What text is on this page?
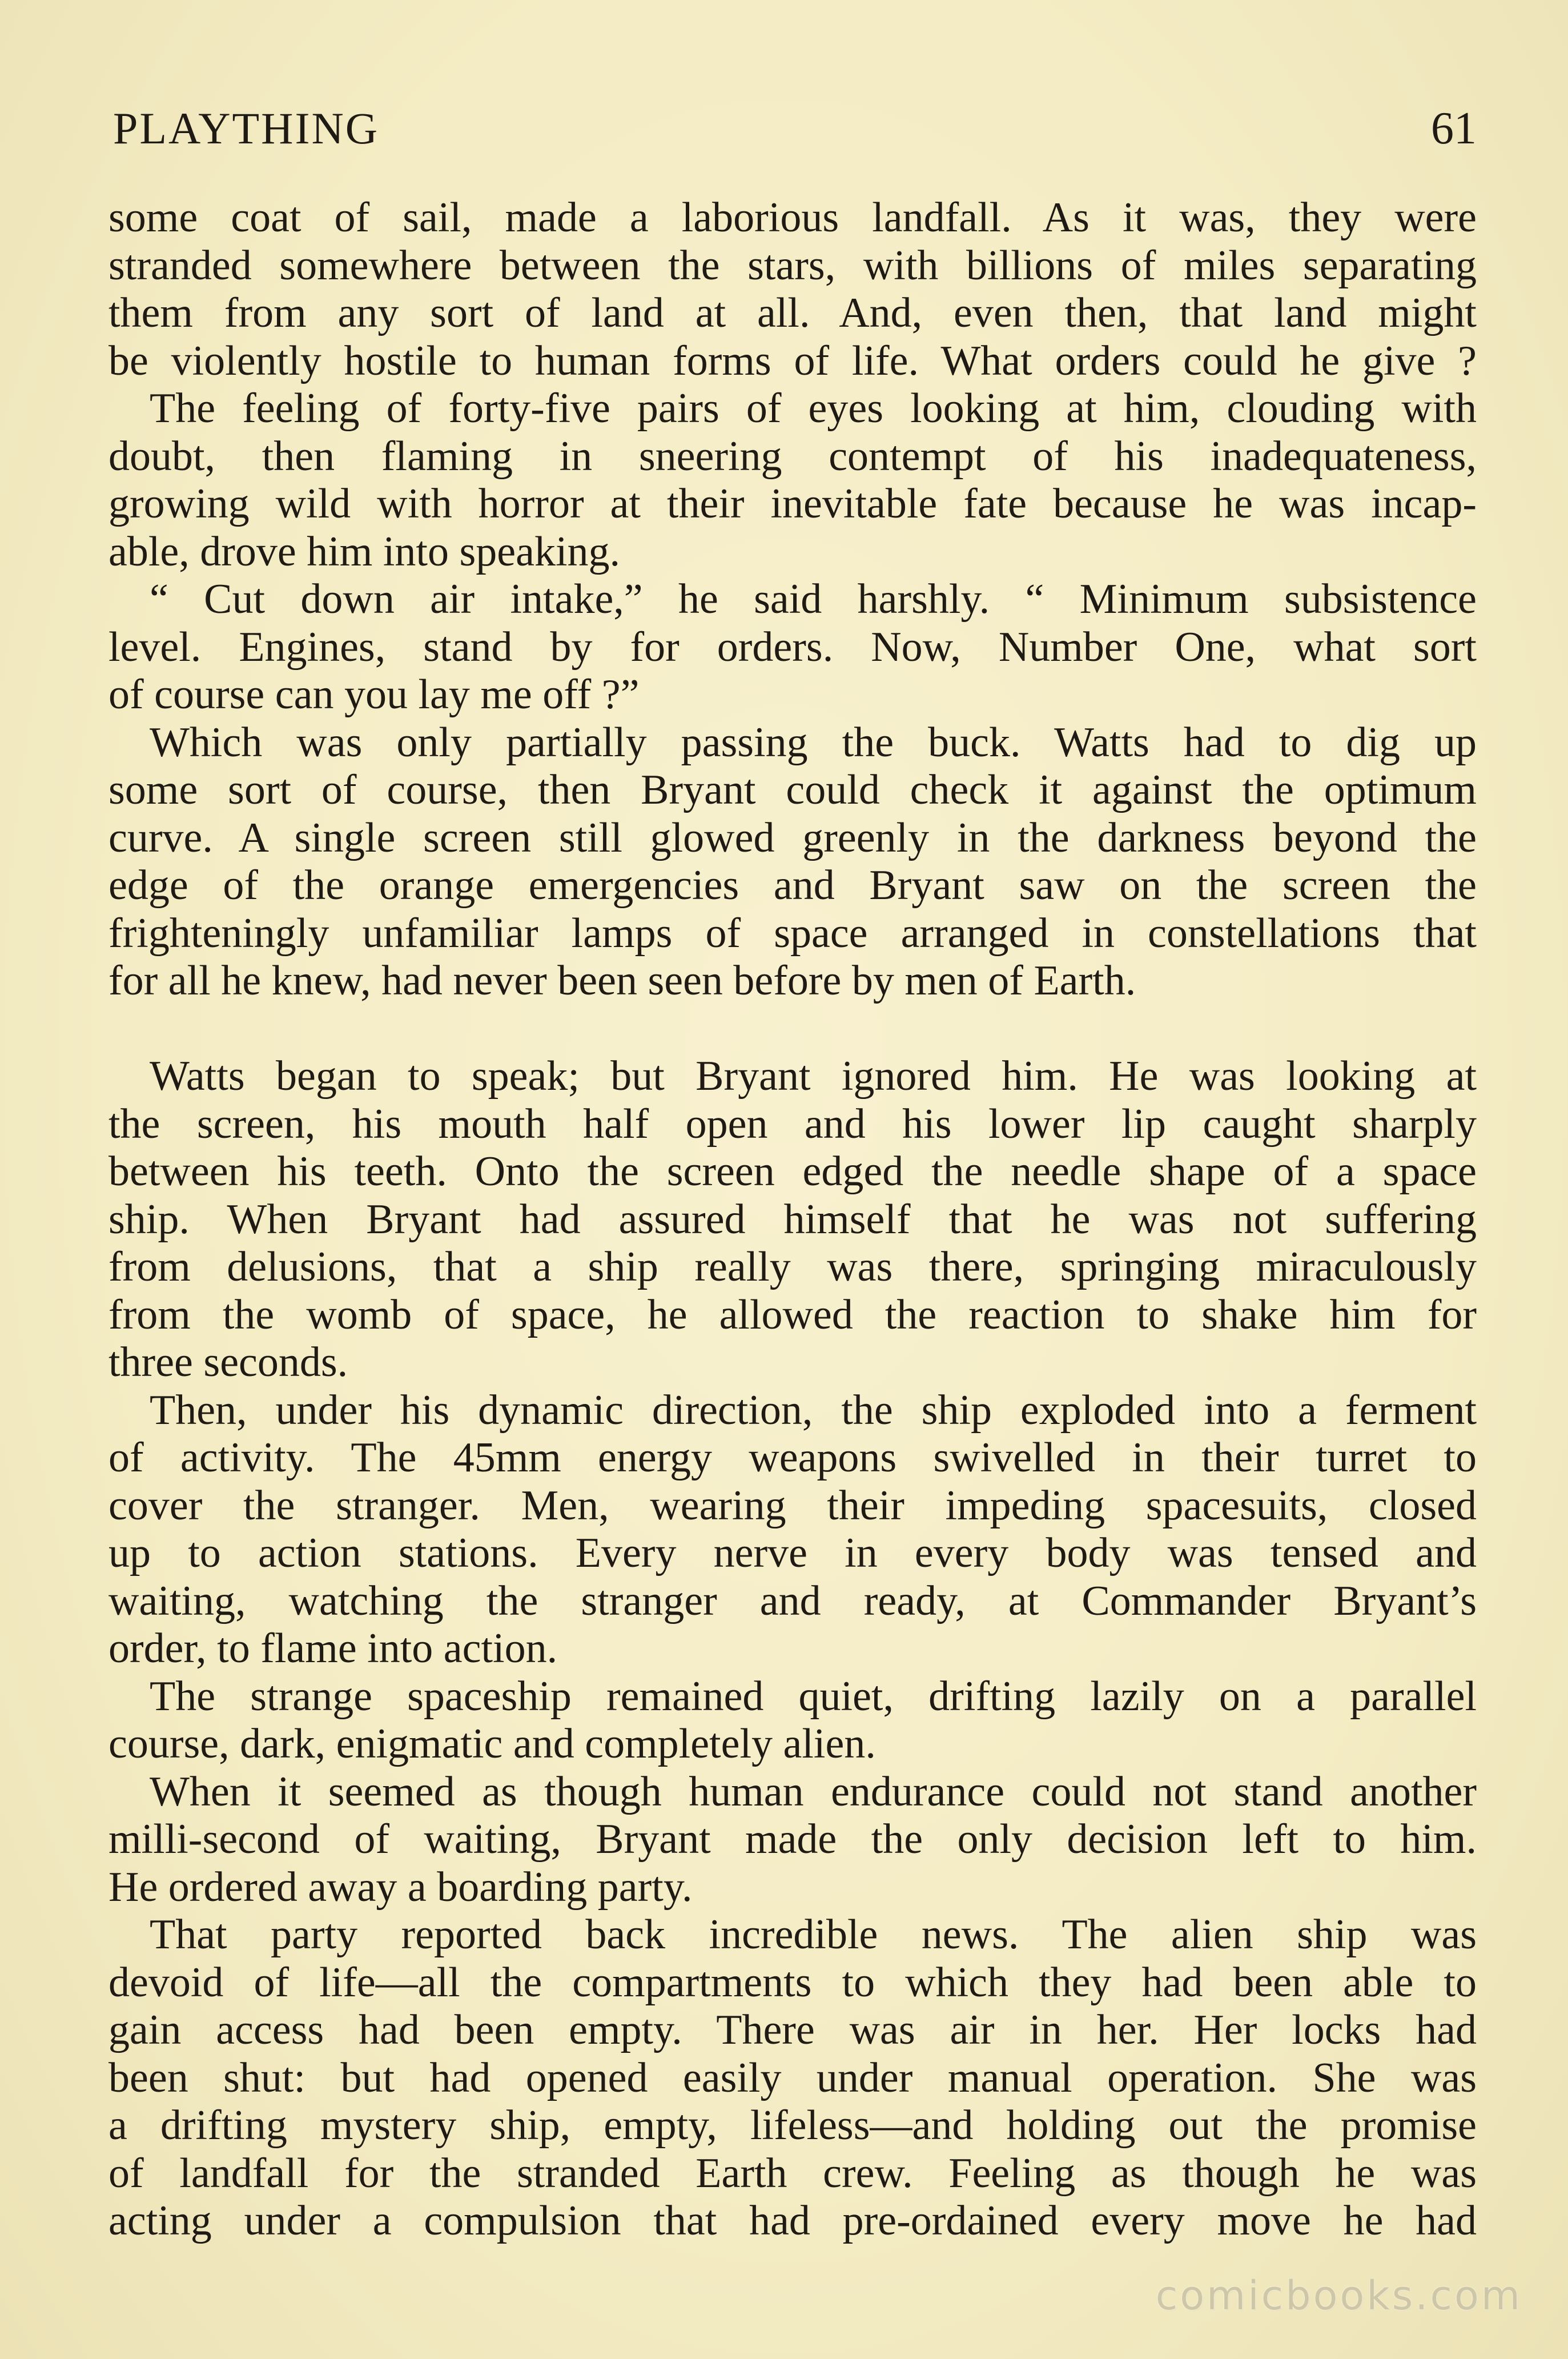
PLAYTHING	61
some coat of sail, made a laborious landfall. As it was, they were
stranded somewhere between the stars, with billions of miles separating
them from any sort of land at all. And, even then, that land might
be violently hostile to human forms of life. What orders could he give ?
The feeling of forty-five pairs of eyes looking at him, clouding with
doubt, then flaming in sneering contempt of his inadequateness,
growing wild with horror at their inevitable fate because he was incap-
able, drove him into speaking.
“ Cut down air intake,” he said harshly. “ Minimum subsistence
level. Engines, stand by for orders. Now, Number One, what sort
of course can you lay me off ?”
Which was only partially passing the buck. Watts had to dig up
some sort of course, then Bryant could check it against the optimum
curve. A single screen still glowed greenly in the darkness beyond the
edge of the orange emergencies and Bryant saw on the screen the
frighteningly unfamiliar lamps of space arranged in constellations that
for all he knew, had never been seen before by men of Earth.
Watts began to speak; but Bryant ignored him. He was looking at
the screen, his mouth half open and his lower lip caught sharply
between his teeth. Onto the screen edged the needle shape of a space
ship. When Bryant had assured himself that he was not suffering
from delusions, that a ship really was there, springing miraculously
from the womb of space, he allowed the reaction to shake him for
three seconds.
Then, under his dynamic direction, the ship exploded into a ferment
of activity. The 45mm energy weapons swivelled in their turret to
cover the stranger. Men, wearing their impeding spacesuits, closed
up to action stations. Every nerve in every body was tensed and
waiting, watching the stranger and ready, at Commander Bryant’s
order, to flame into action.
The strange spaceship remained quiet, drifting lazily on a parallel
course, dark, enigmatic and completely alien.
When it seemed as though human endurance could not stand another
milli-second of waiting, Bryant made the only decision left to him.
He ordered away a boarding party.
That party reported back incredible news. The alien ship was
devoid of life—all the compartments to which they had been able to
gain access had been empty. There was air in her. Her locks had
been shut: but had opened easily under manual operation. She was
a drifting mystery ship, empty, lifeless—and holding out the promise
of landfall for the stranded Earth crew. Feeling as though he was
acting under a compulsion that had pre-ordained every move he had
comicbooks.com
